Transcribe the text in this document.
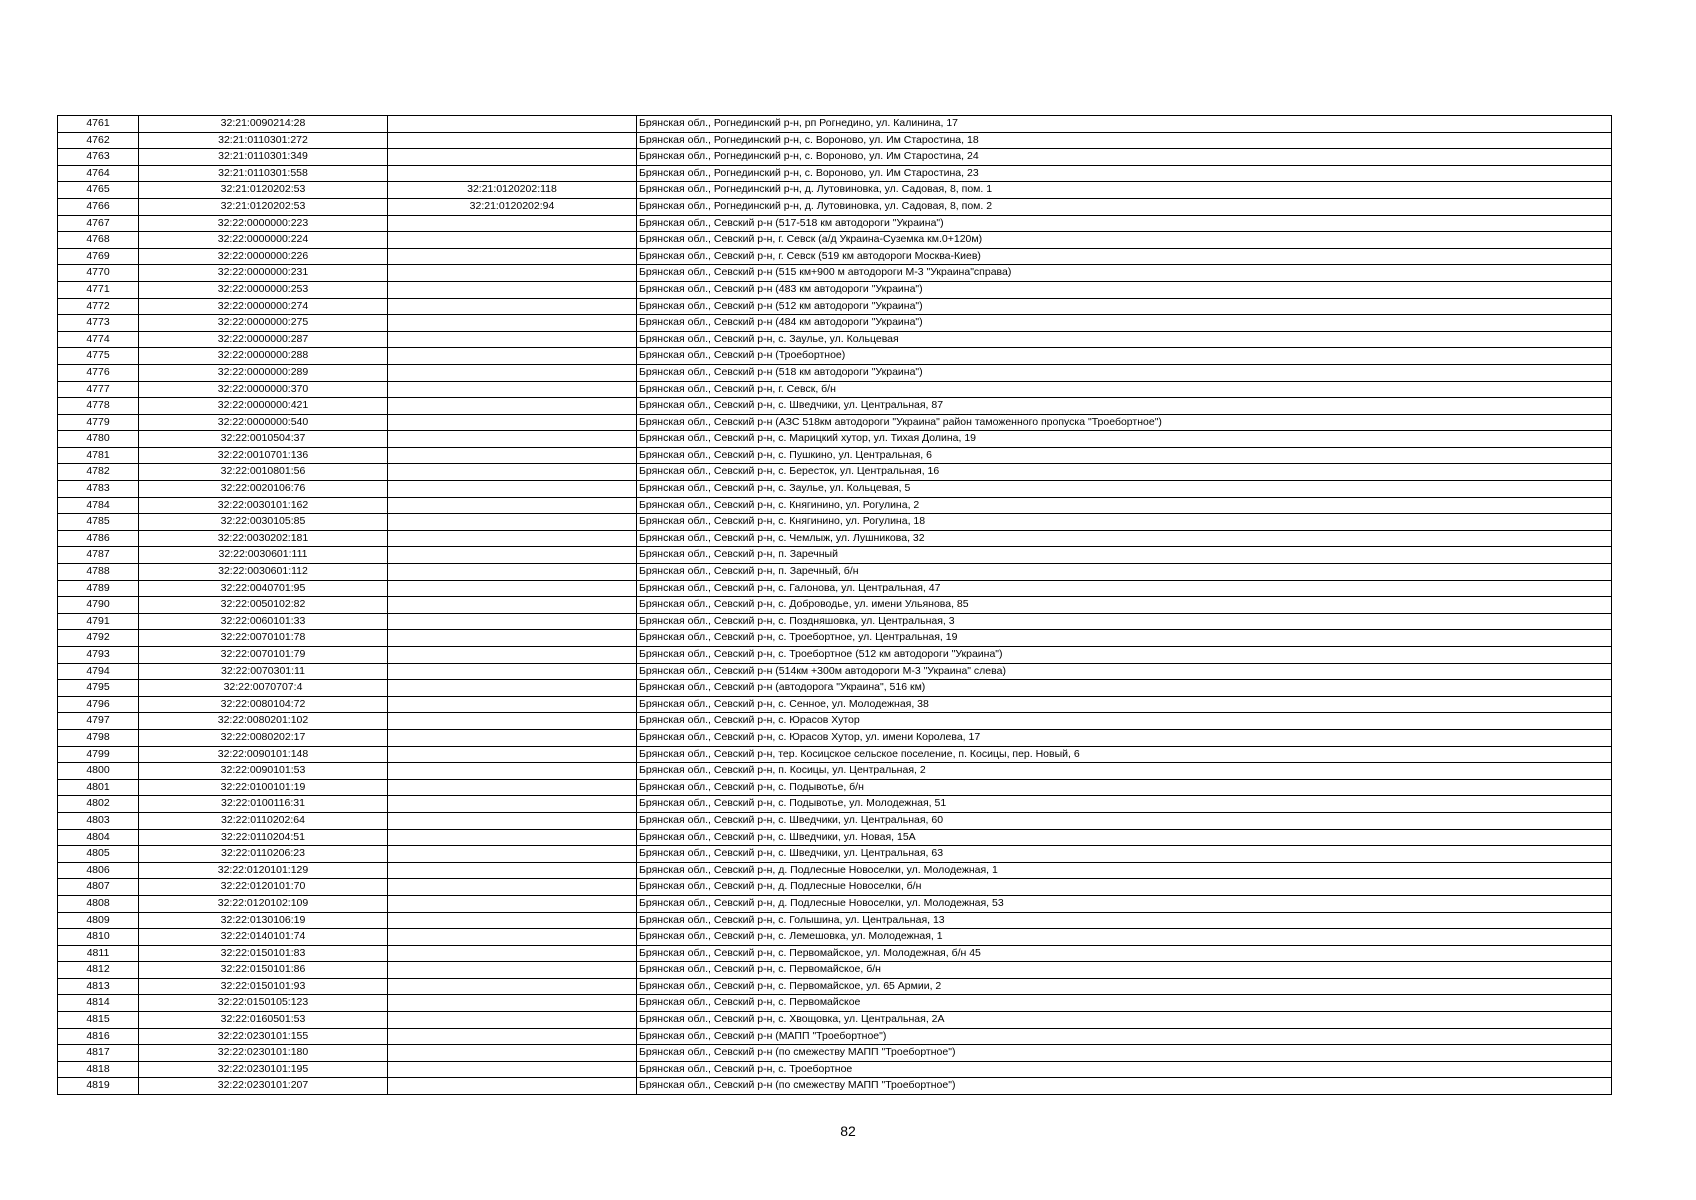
4761	32:21:0090214:28		Брянская обл., Рогнединский р-н, рп Рогнедино, ул. Калинина, 17
4762	32:21:0110301:272		Брянская обл., Рогнединский р-н, с. Вороново, ул. Им Старостина, 18
4763	32:21:0110301:349		Брянская обл., Рогнединский р-н, с. Вороново, ул. Им Старостина, 24
4764	32:21:0110301:558		Брянская обл., Рогнединский р-н, с. Вороново, ул. Им Старостина, 23
4765	32:21:0120202:53	32:21:0120202:118	Брянская обл., Рогнединский р-н, д. Лутовиновка, ул. Садовая, 8, пом. 1
4766	32:21:0120202:53	32:21:0120202:94	Брянская обл., Рогнединский р-н, д. Лутовиновка, ул. Садовая, 8, пом. 2
4767	32:22:0000000:223		Брянская обл., Севский р-н (517-518 км автодороги "Украина")
4768	32:22:0000000:224		Брянская обл., Севский р-н, г. Севск (а/д Украина-Суземка км.0+120м)
4769	32:22:0000000:226		Брянская обл., Севский р-н, г. Севск (519 км автодороги Москва-Киев)
4770	32:22:0000000:231		Брянская обл., Севский р-н (515 км+900 м автодороги М-3 "Украина"справа)
4771	32:22:0000000:253		Брянская обл., Севский р-н (483 км автодороги "Украина")
4772	32:22:0000000:274		Брянская обл., Севский р-н (512 км автодороги "Украина")
4773	32:22:0000000:275		Брянская обл., Севский р-н (484 км автодороги "Украина")
4774	32:22:0000000:287		Брянская обл., Севский р-н, с. Заулье, ул. Кольцевая
4775	32:22:0000000:288		Брянская обл., Севский р-н (Троебортное)
4776	32:22:0000000:289		Брянская обл., Севский р-н (518 км автодороги "Украина")
4777	32:22:0000000:370		Брянская обл., Севский р-н, г. Севск, б/н
4778	32:22:0000000:421		Брянская обл., Севский р-н, с. Шведчики, ул. Центральная, 87
4779	32:22:0000000:540		Брянская обл., Севский р-н (АЗС 518км автодороги "Украина" район таможенного пропуска "Троебортное")
4780	32:22:0010504:37		Брянская обл., Севский р-н, с. Марицкий хутор, ул. Тихая Долина, 19
4781	32:22:0010701:136		Брянская обл., Севский р-н, с. Пушкино, ул. Центральная, 6
4782	32:22:0010801:56		Брянская обл., Севский р-н, с. Бересток, ул. Центральная, 16
4783	32:22:0020106:76		Брянская обл., Севский р-н, с. Заулье, ул. Кольцевая, 5
4784	32:22:0030101:162		Брянская обл., Севский р-н, с. Княгинино, ул. Рогулина, 2
4785	32:22:0030105:85		Брянская обл., Севский р-н, с. Княгинино, ул. Рогулина, 18
4786	32:22:0030202:181		Брянская обл., Севский р-н, с. Чемлыж, ул. Лушникова, 32
4787	32:22:0030601:111		Брянская обл., Севский р-н, п. Заречный
4788	32:22:0030601:112		Брянская обл., Севский р-н, п. Заречный, б/н
4789	32:22:0040701:95		Брянская обл., Севский р-н, с. Галонова, ул. Центральная, 47
4790	32:22:0050102:82		Брянская обл., Севский р-н, с. Доброводье, ул. имени Ульянова, 85
4791	32:22:0060101:33		Брянская обл., Севский р-н, с. Поздняшовка, ул. Центральная, 3
4792	32:22:0070101:78		Брянская обл., Севский р-н, с. Троебортное, ул. Центральная, 19
4793	32:22:0070101:79		Брянская обл., Севский р-н, с. Троебортное (512 км автодороги "Украина")
4794	32:22:0070301:11		Брянская обл., Севский р-н (514км +300м автодороги М-3 "Украина" слева)
4795	32:22:0070707:4		Брянская обл., Севский р-н (автодорога "Украина", 516 км)
4796	32:22:0080104:72		Брянская обл., Севский р-н, с. Сенное, ул. Молодежная, 38
4797	32:22:0080201:102		Брянская обл., Севский р-н, с. Юрасов Хутор
4798	32:22:0080202:17		Брянская обл., Севский р-н, с. Юрасов Хутор, ул. имени Королева, 17
4799	32:22:0090101:148		Брянская обл., Севский р-н, тер. Косицское сельское поселение, п. Косицы, пер. Новый, 6
4800	32:22:0090101:53		Брянская обл., Севский р-н, п. Косицы, ул. Центральная, 2
4801	32:22:0100101:19		Брянская обл., Севский р-н, с. Подывотье, б/н
4802	32:22:0100116:31		Брянская обл., Севский р-н, с. Подывотье, ул. Молодежная, 51
4803	32:22:0110202:64		Брянская обл., Севский р-н, с. Шведчики, ул. Центральная, 60
4804	32:22:0110204:51		Брянская обл., Севский р-н, с. Шведчики, ул. Новая, 15А
4805	32:22:0110206:23		Брянская обл., Севский р-н, с. Шведчики, ул. Центральная, 63
4806	32:22:0120101:129		Брянская обл., Севский р-н, д. Подлесные Новоселки, ул. Молодежная, 1
4807	32:22:0120101:70		Брянская обл., Севский р-н, д. Подлесные Новоселки, б/н
4808	32:22:0120102:109		Брянская обл., Севский р-н, д. Подлесные Новоселки, ул. Молодежная, 53
4809	32:22:0130106:19		Брянская обл., Севский р-н, с. Голышина, ул. Центральная, 13
4810	32:22:0140101:74		Брянская обл., Севский р-н, с. Лемешовка, ул. Молодежная, 1
4811	32:22:0150101:83		Брянская обл., Севский р-н, с. Первомайское, ул. Молодежная, б/н 45
4812	32:22:0150101:86		Брянская обл., Севский р-н, с. Первомайское, б/н
4813	32:22:0150101:93		Брянская обл., Севский р-н, с. Первомайское, ул. 65 Армии, 2
4814	32:22:0150105:123		Брянская обл., Севский р-н, с. Первомайское
4815	32:22:0160501:53		Брянская обл., Севский р-н, с. Хвощовка, ул. Центральная, 2А
4816	32:22:0230101:155		Брянская обл., Севский р-н (МАПП "Троебортное")
4817	32:22:0230101:180		Брянская обл., Севский р-н (по смежеству МАПП "Троебортное")
4818	32:22:0230101:195		Брянская обл., Севский р-н, с. Троебортное
4819	32:22:0230101:207		Брянская обл., Севский р-н (по смежеству МАПП "Троебортное")
82
